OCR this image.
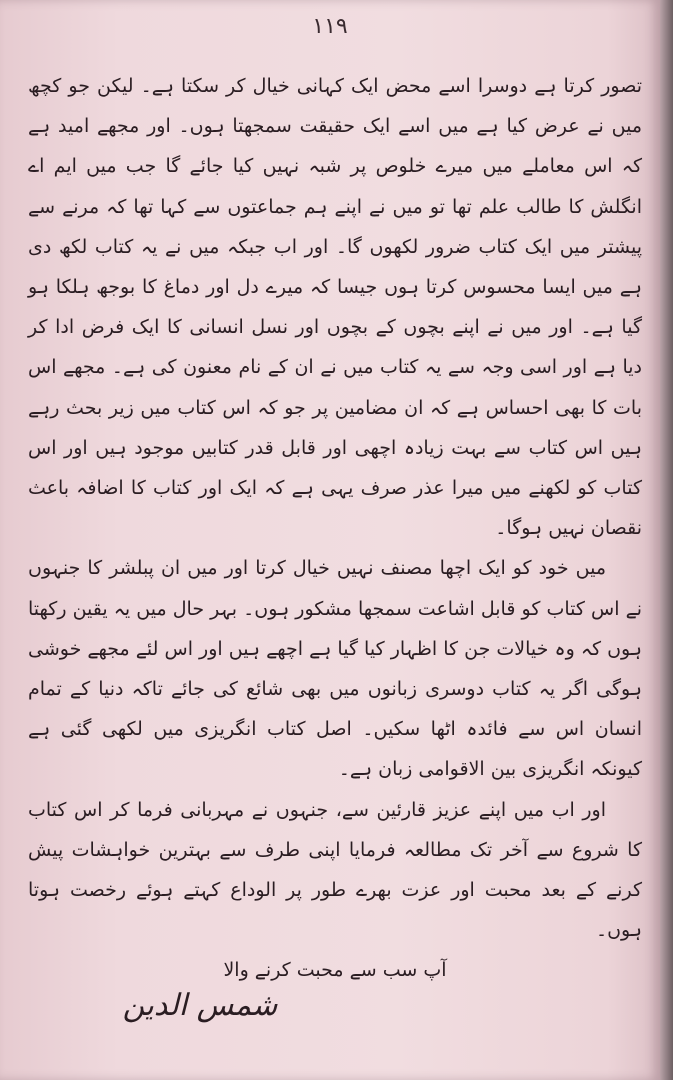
۱۱۹

تصور کرتا ہے دوسرا اسے محض ایک کہانی خیال کر سکتا ہے۔ لیکن جو کچھ میں نے عرض کیا ہے میں اسے ایک حقیقت سمجھتا ہوں۔ اور مجھے امید ہے کہ اس معاملے میں میرے خلوص پر شبہ نہیں کیا جائے گا جب میں ایم اے انگلش کا طالب علم تھا تو میں نے اپنے ہم جماعتوں سے کہا تھا کہ مرنے سے پیشتر میں ایک کتاب ضرور لکھوں گا۔ اور اب جبکہ میں نے یہ کتاب لکھ دی ہے میں ایسا محسوس کرتا ہوں جیسا کہ میرے دل اور دماغ کا بوجھ ہلکا ہو گیا ہے۔ اور میں نے اپنے بچوں کے بچوں اور نسل انسانی کا ایک فرض ادا کر دیا ہے اور اسی وجہ سے یہ کتاب میں نے ان کے نام معنون کی ہے۔ مجھے اس بات کا بھی احساس ہے کہ ان مضامین پر جو کہ اس کتاب میں زیر بحث رہے ہیں اس کتاب سے بہت زیادہ اچھی اور قابل قدر کتابیں موجود ہیں اور اس کتاب کو لکھنے میں میرا عذر صرف یہی ہے کہ ایک اور کتاب کا اضافہ باعث نقصان نہیں ہوگا۔

میں خود کو ایک اچھا مصنف نہیں خیال کرتا اور میں ان پبلشر کا جنہوں نے اس کتاب کو قابل اشاعت سمجھا مشکور ہوں۔ بہر حال میں یہ یقین رکھتا ہوں کہ وہ خیالات جن کا اظہار کیا گیا ہے اچھے ہیں اور اس لئے مجھے خوشی ہوگی اگر یہ کتاب دوسری زبانوں میں بھی شائع کی جائے تاکہ دنیا کے تمام انسان اس سے فائدہ اٹھا سکیں۔ اصل کتاب انگریزی میں لکھی گئی ہے کیونکہ انگریزی بین الاقوامی زبان ہے۔

اور اب میں اپنے عزیز قارئین سے، جنہوں نے مہربانی فرما کر اس کتاب کا شروع سے آخر تک مطالعہ فرمایا اپنی طرف سے بہترین خواہشات پیش کرنے کے بعد محبت اور عزت بھرے طور پر الوداع کہتے ہوئے رخصت ہوتا ہوں۔

آپ سب سے محبت کرنے والا

شمس الدین
